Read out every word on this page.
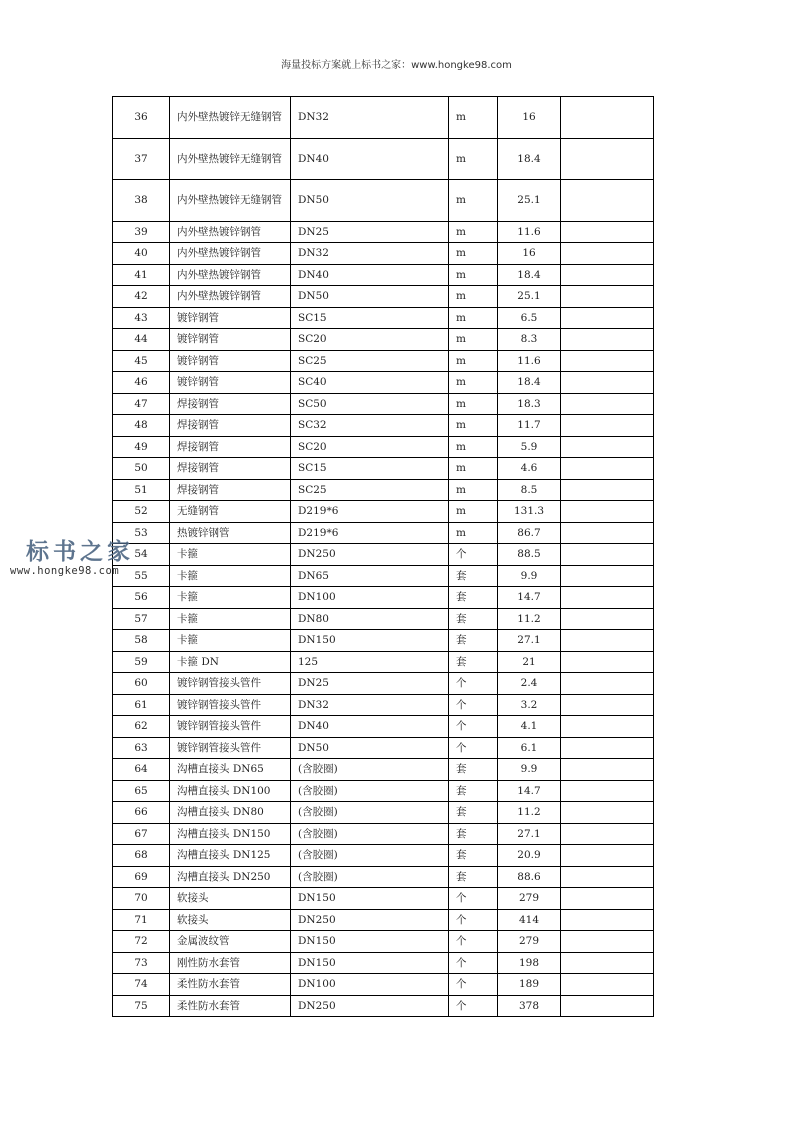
海量投标方案就上标书之家：www.hongke98.com
36	内外壁热镀锌无缝钢管	DN32	m	16	
37	内外壁热镀锌无缝钢管	DN40	m	18.4	
38	内外壁热镀锌无缝钢管	DN50	m	25.1	
39	内外壁热镀锌钢管	DN25	m	11.6	
40	内外壁热镀锌钢管	DN32	m	16	
41	内外壁热镀锌钢管	DN40	m	18.4	
42	内外壁热镀锌钢管	DN50	m	25.1	
43	镀锌钢管	SC15	m	6.5	
44	镀锌钢管	SC20	m	8.3	
45	镀锌钢管	SC25	m	11.6	
46	镀锌钢管	SC40	m	18.4	
47	焊接钢管	SC50	m	18.3	
48	焊接钢管	SC32	m	11.7	
49	焊接钢管	SC20	m	5.9	
50	焊接钢管	SC15	m	4.6	
51	焊接钢管	SC25	m	8.5	
52	无缝钢管	D219*6	m	131.3	
53	热镀锌钢管	D219*6	m	86.7	
54	卡箍	DN250	个	88.5	
55	卡箍	DN65	套	9.9	
56	卡箍	DN100	套	14.7	
57	卡箍	DN80	套	11.2	
58	卡箍	DN150	套	27.1	
59	卡箍 DN	125	套	21	
60	镀锌钢管接头管件	DN25	个	2.4	
61	镀锌钢管接头管件	DN32	个	3.2	
62	镀锌钢管接头管件	DN40	个	4.1	
63	镀锌钢管接头管件	DN50	个	6.1	
64	沟槽直接头 DN65	(含胶圈)	套	9.9	
65	沟槽直接头 DN100	(含胶圈)	套	14.7	
66	沟槽直接头 DN80	(含胶圈)	套	11.2	
67	沟槽直接头 DN150	(含胶圈)	套	27.1	
68	沟槽直接头 DN125	(含胶圈)	套	20.9	
69	沟槽直接头 DN250	(含胶圈)	套	88.6	
70	软接头	DN150	个	279	
71	软接头	DN250	个	414	
72	金属波纹管	DN150	个	279	
73	刚性防水套管	DN150	个	198	
74	柔性防水套管	DN100	个	189	
75	柔性防水套管	DN250	个	378	
标书之家
www.hongke98.com
